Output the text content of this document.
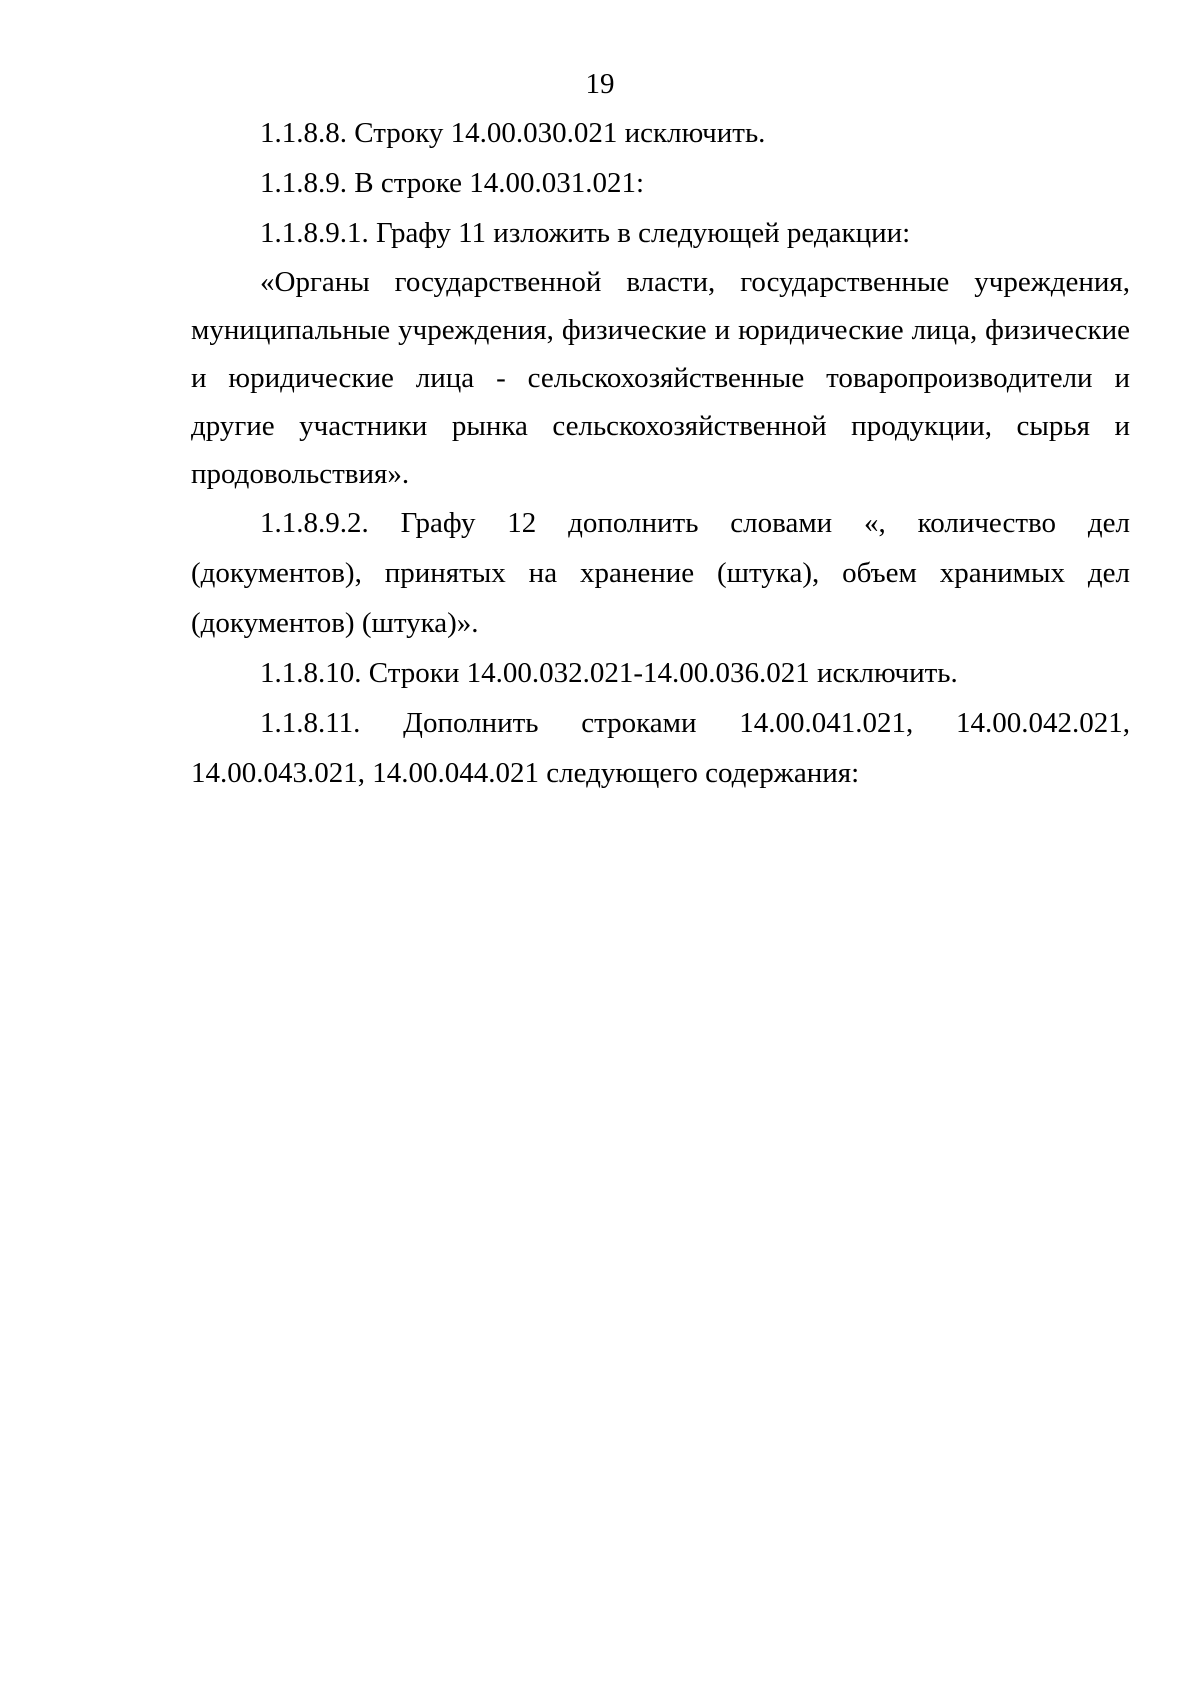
19

1.1.8.8. Строку 14.00.030.021 исключить.

1.1.8.9. В строке 14.00.031.021:

1.1.8.9.1. Графу 11 изложить в следующей редакции:

«Органы государственной власти, государственные учреждения, муниципальные учреждения, физические и юридические лица, физические и юридические лица - сельскохозяйственные товаропроизводители и другие участники рынка сельскохозяйственной продукции, сырья и продовольствия».

1.1.8.9.2. Графу 12 дополнить словами «, количество дел (документов), принятых на хранение (штука), объем хранимых дел (документов) (штука)».

1.1.8.10. Строки 14.00.032.021-14.00.036.021 исключить.

1.1.8.11. Дополнить строками 14.00.041.021, 14.00.042.021, 14.00.043.021, 14.00.044.021 следующего содержания:
